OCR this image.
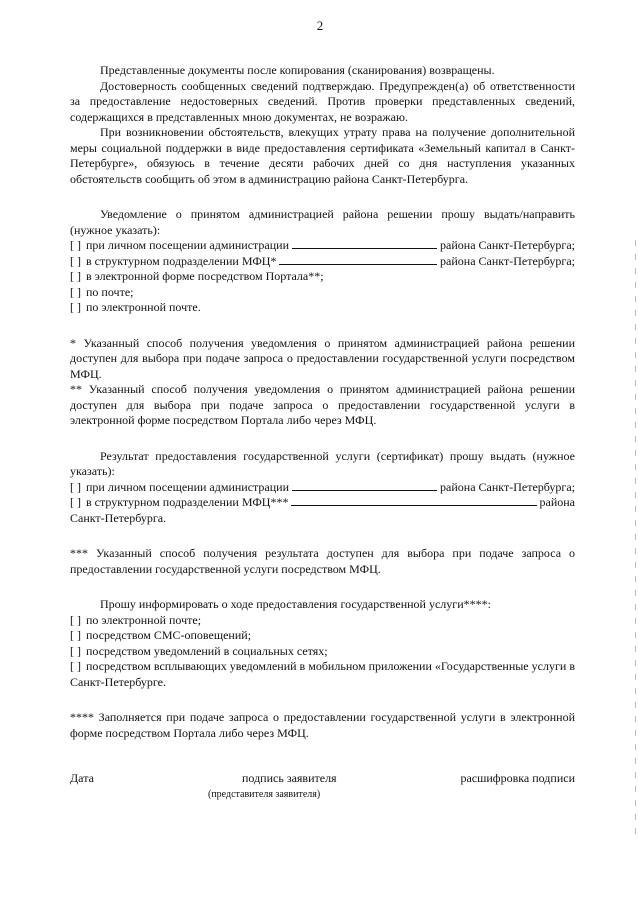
2

Представленные документы после копирования (сканирования) возвращены.

Достоверность сообщенных сведений подтверждаю. Предупрежден(а) об ответственности за предоставление недостоверных сведений. Против проверки представленных сведений, содержащихся в представленных мною документах, не возражаю.

При возникновении обстоятельств, влекущих утрату права на получение дополнительной меры социальной поддержки в виде предоставления сертификата «Земельный капитал в Санкт-Петербурге», обязуюсь в течение десяти рабочих дней со дня наступления указанных обстоятельств сообщить об этом в администрацию района Санкт-Петербурга.

Уведомление о принятом администрацией района решении прошу выдать/направить (нужное указать):

[ ] при личном посещении администрации	района Санкт-Петербурга;
[ ] в структурном подразделении МФЦ*	района Санкт-Петербурга;
[ ] в электронной форме посредством Портала**;
[ ] по почте;
[ ] по электронной почте.

* Указанный способ получения уведомления о принятом администрацией района решении доступен для выбора при подаче запроса о предоставлении государственной услуги посредством МФЦ.

** Указанный способ получения уведомления о принятом администрацией района решении доступен для выбора при подаче запроса о предоставлении государственной услуги в электронной форме посредством Портала либо через МФЦ.

Результат предоставления государственной услуги (сертификат) прошу выдать (нужное указать):

[ ] при личном посещении администрации	района Санкт-Петербурга;
[ ] в структурном подразделении МФЦ***	района

Санкт-Петербурга.

*** Указанный способ получения результата доступен для выбора при подаче запроса о предоставлении государственной услуги посредством МФЦ.

Прошу информировать о ходе предоставления государственной услуги****:

[ ] по электронной почте;
[ ] посредством СМС-оповещений;
[ ] посредством уведомлений в социальных сетях;

[ ] посредством всплывающих уведомлений в мобильном приложении «Государственные услуги в Санкт-Петербурге.

**** Заполняется при подаче запроса о предоставлении государственной услуги в электронной форме посредством Портала либо через МФЦ.

Дата	подпись заявителя
(представителя заявителя)
расшифровка подписи
